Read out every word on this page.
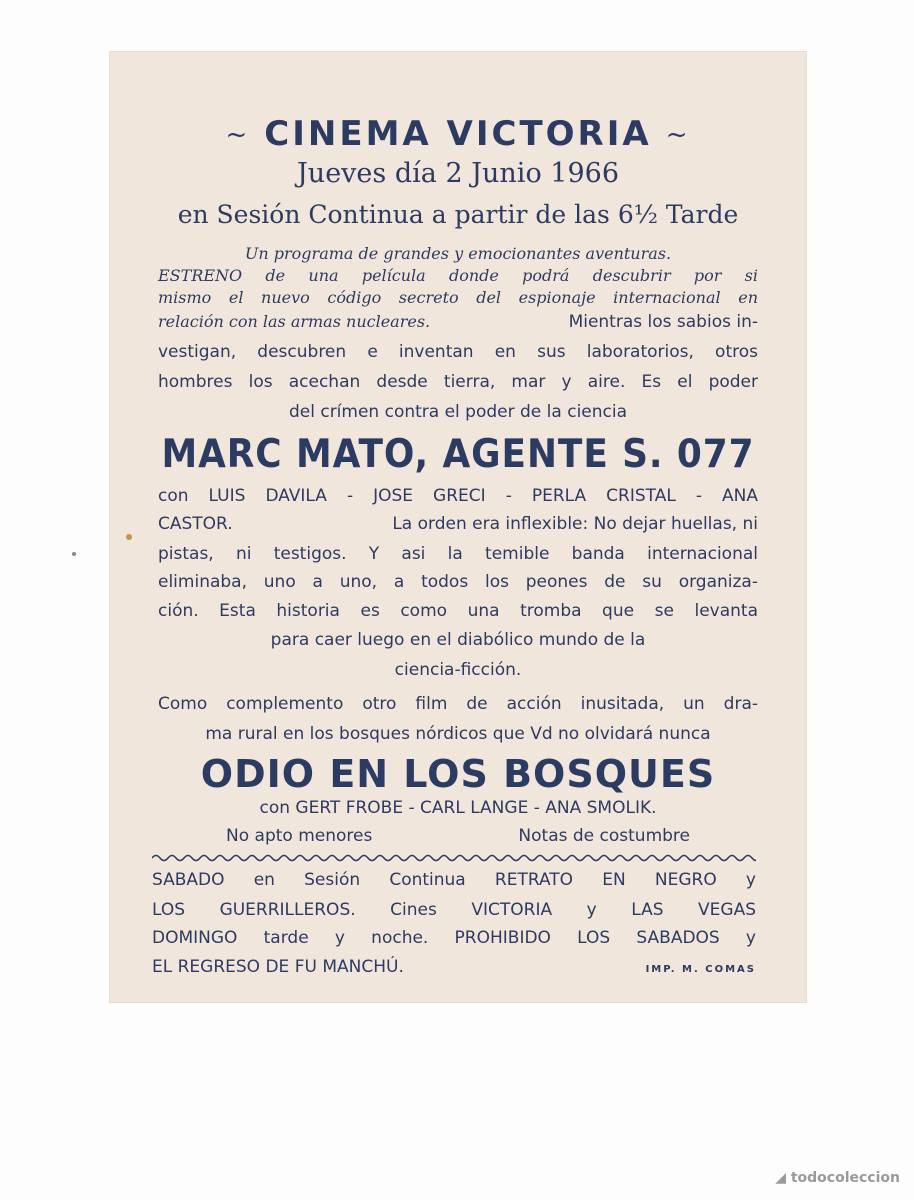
~ CINEMA VICTORIA ~
Jueves día 2 Junio 1966
en Sesión Continua a partir de las 6½ Tarde
Un programa de grandes y emocionantes aventuras.
ESTRENO de una película donde podrá descubrir por si
mismo el nuevo código secreto del espionaje internacional en
relación con las armas nucleares.	Mientras los sabios in-
vestigan, descubren e inventan en sus laboratorios, otros
hombres los acechan desde tierra, mar y aire. Es el poder
del crímen contra el poder de la ciencia
MARC MATO, AGENTE S. 077
con LUIS DAVILA - JOSE GRECI - PERLA CRISTAL - ANA
CASTOR.	La orden era inflexible: No dejar huellas, ni
pistas, ni testigos. Y asi la temible banda internacional
eliminaba, uno a uno, a todos los peones de su organiza-
ción. Esta historia es como una tromba que se levanta
para caer luego en el diabólico mundo de la
ciencia-ficción.
Como complemento otro film de acción inusitada, un dra-
ma rural en los bosques nórdicos que Vd no olvidará nunca
ODIO EN LOS BOSQUES
con GERT FROBE - CARL LANGE - ANA SMOLIK.
No apto menores	Notas de costumbre
SABADO en Sesión Continua RETRATO EN NEGRO y
LOS GUERRILLEROS. Cines VICTORIA y LAS VEGAS
DOMINGO tarde y noche. PROHIBIDO LOS SABADOS y
EL REGRESO DE FU MANCHÚ.	IMP. M. COMAS
◢ todocoleccion
